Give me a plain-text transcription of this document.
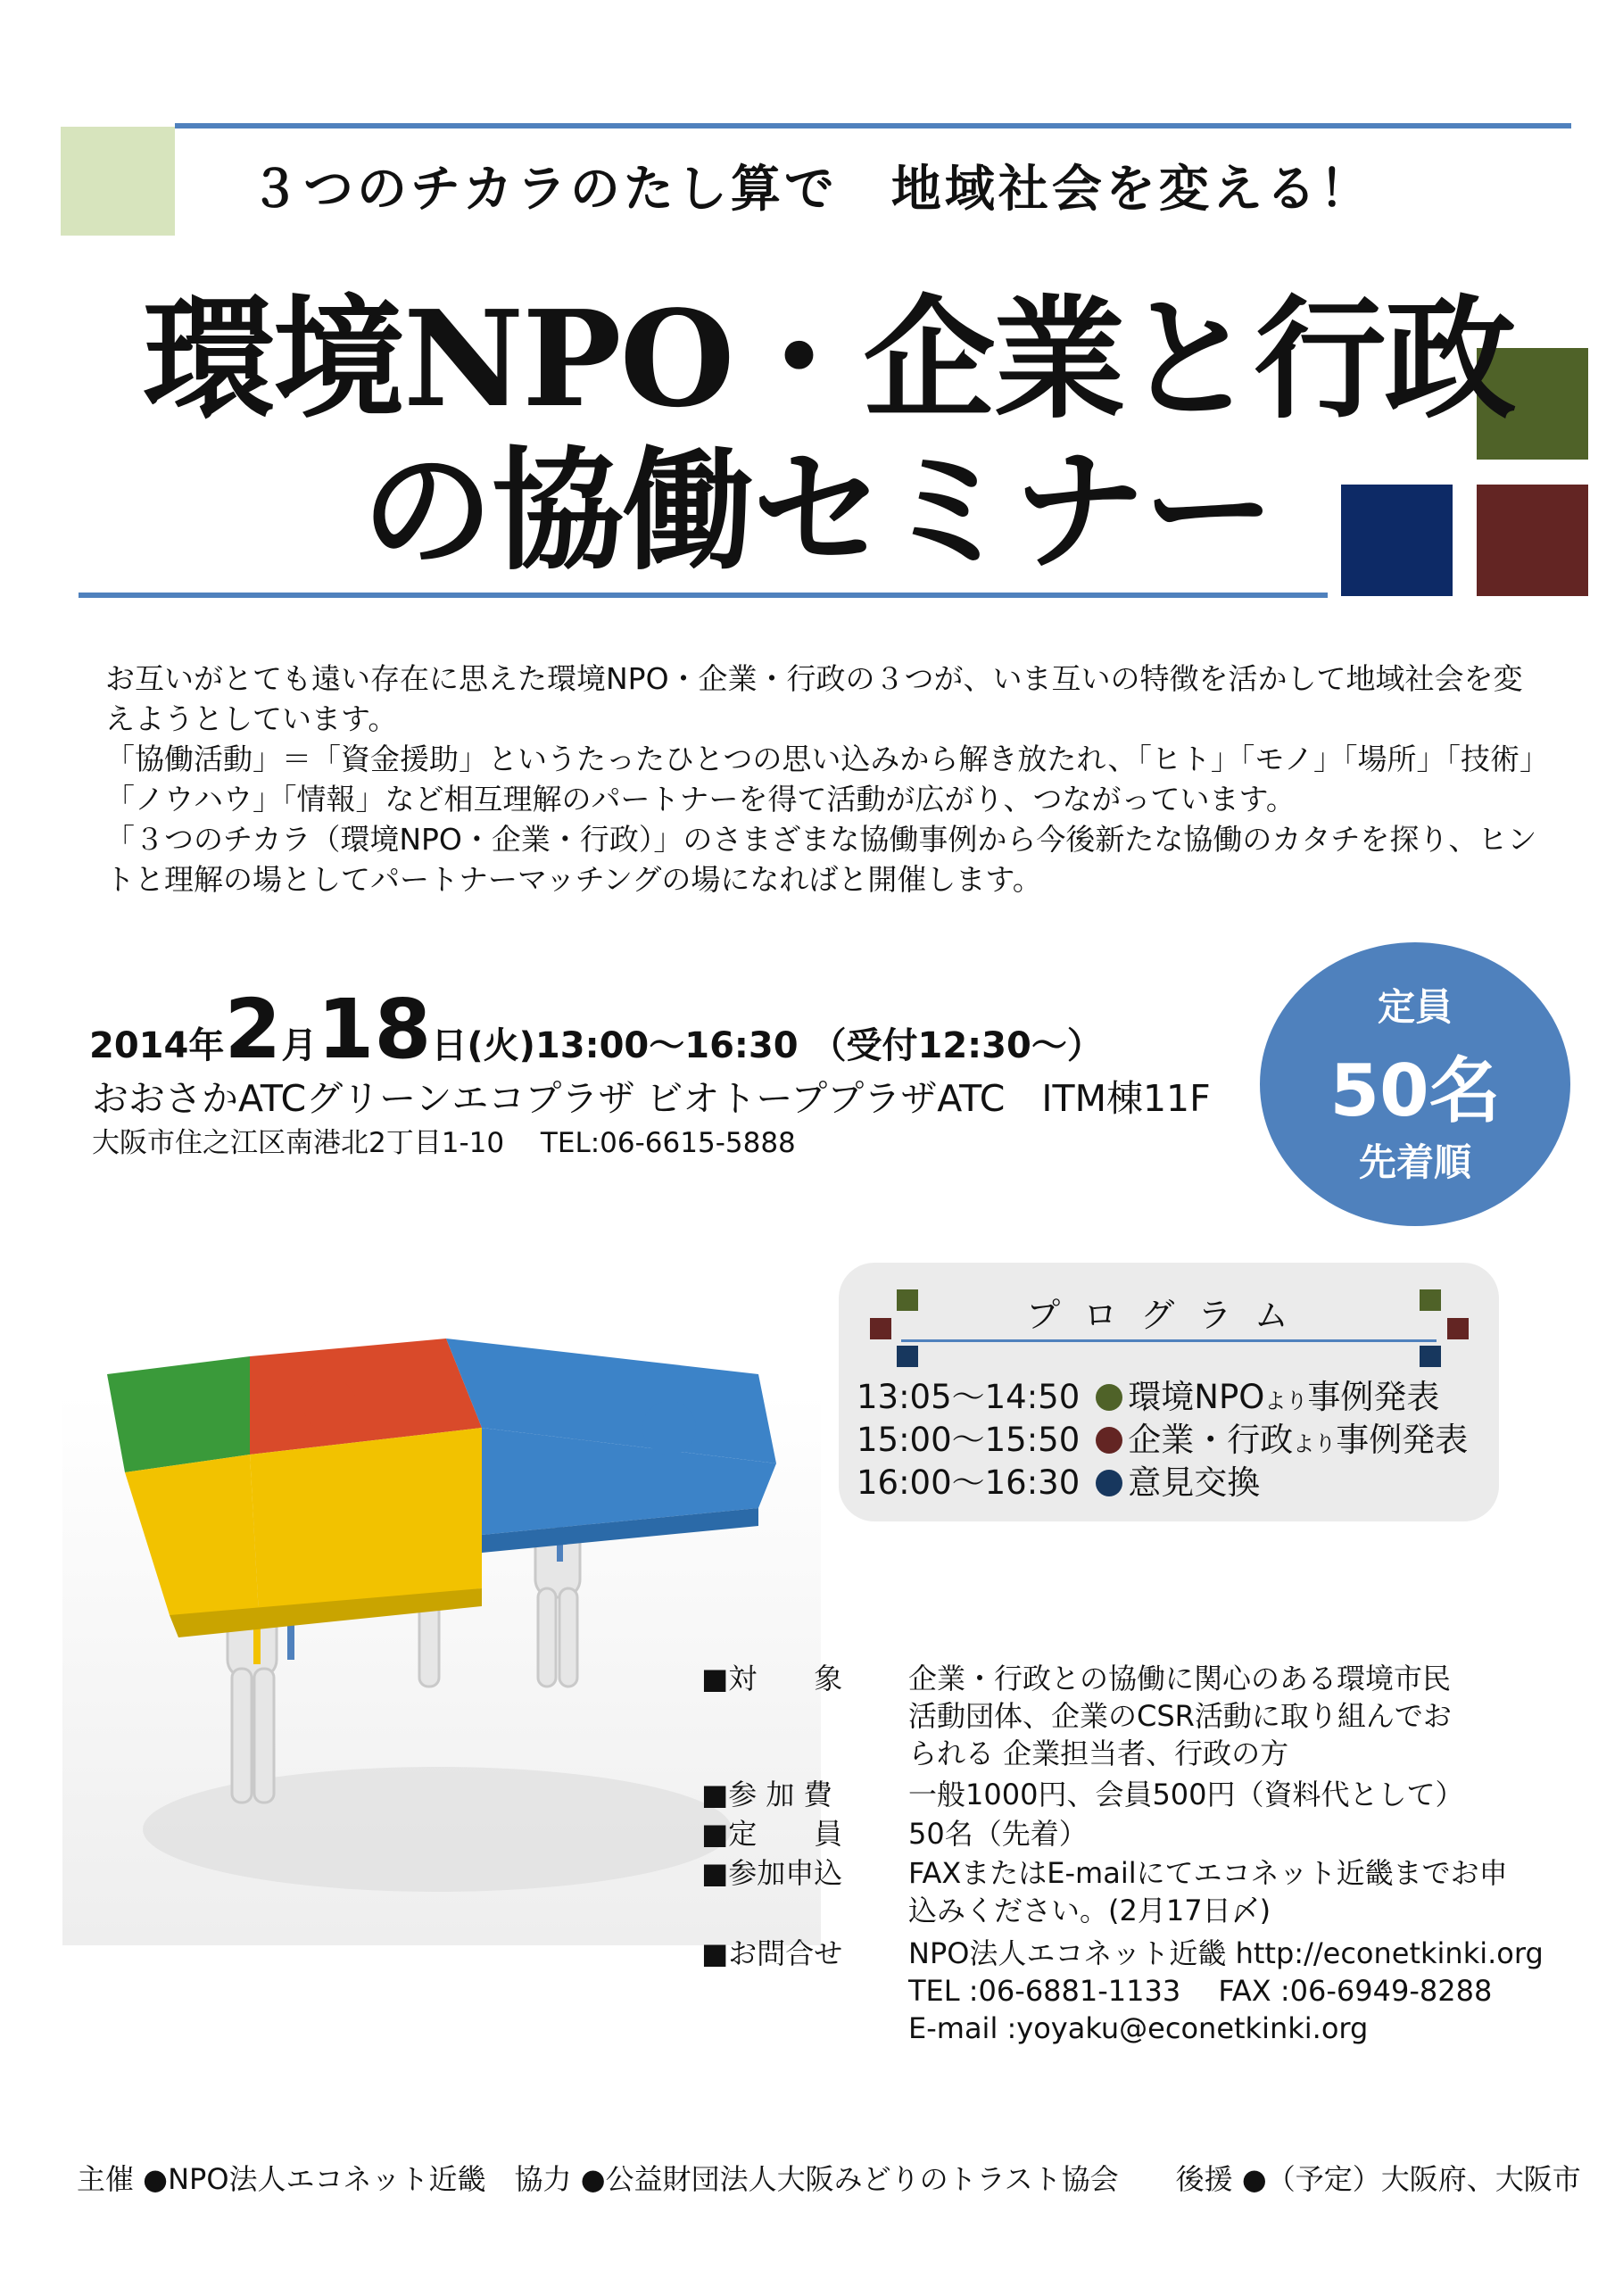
３つのチカラのたし算で　地域社会を変える！
環境NPO・企業と行政
の協働セミナー

お互いがとても遠い存在に思えた環境NPO・企業・行政の３つが、いま互いの特徴を活かして地域社会を変えようとしています。

「協働活動」＝「資金援助」というたったひとつの思い込みから解き放たれ、「ヒト」「モノ」「場所」「技術」「ノウハウ」「情報」など相互理解のパートナーを得て活動が広がり、つながっています。

「３つのチカラ（環境NPO・企業・行政）」のさまざまな協働事例から今後新たな協働のカタチを探り、ヒントと理解の場としてパートナーマッチングの場になればと開催します。

2014年2月18日(火)13:00〜16:30 （受付12:30〜）
おおさかATCグリーンエコプラザ ビオトーププラザATC　ITM棟11F
大阪市住之江区南港北2丁目1-10　 TEL:06-6615-5888
定員
50名
先着順
プログラム
13:05〜14:50 環境NPOより事例発表
15:00〜15:50 企業・行政より事例発表
16:00〜16:30 意見交換
■対　　象 企業・行政との協働に関心のある環境市民
活動団体、企業のCSR活動に取り組んでお
られる 企業担当者、行政の方
■参 加 費	一般1000円、会員500円（資料代として）
■定　　員 50名（先着）
■参加申込 FAXまたはE-mailにてエコネット近畿までお申
込みください。(2月17日〆)
■お問合せ NPO法人エコネット近畿 http://econetkinki.org
TEL :06-6881-1133　 FAX :06-6949-8288
E-mail :yoyaku@econetkinki.org
主催 ●NPO法人エコネット近畿　協力 ●公益財団法人大阪みどりのトラスト協会　　後援 ●（予定）大阪府、大阪市
